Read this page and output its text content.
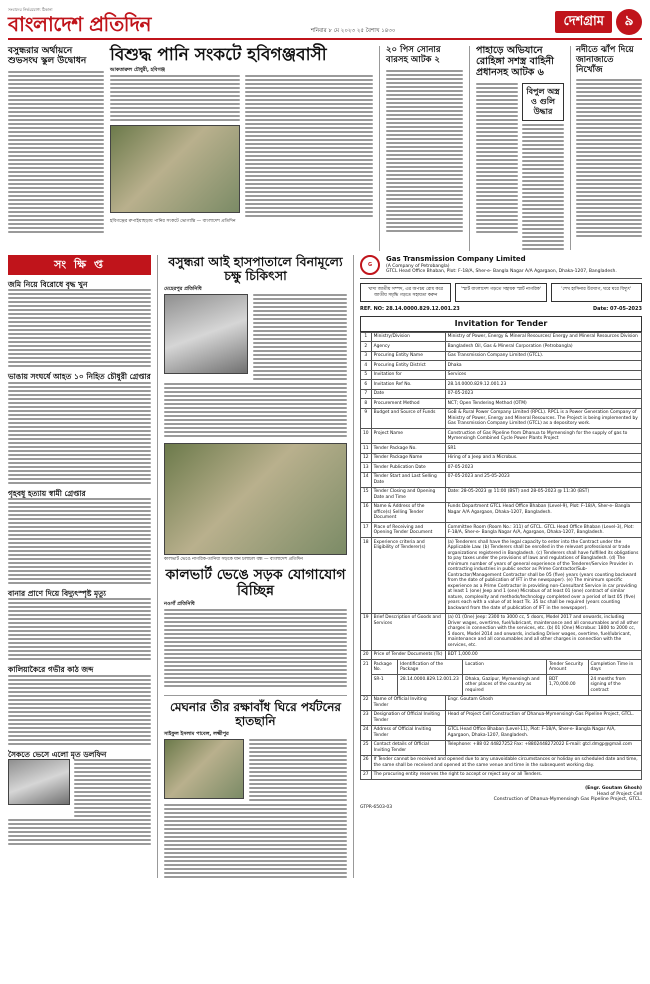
সংবাদের নির্ভরযোগ্য ঠিকানা
বাংলাদেশ প্রতিদিন	শনিবার ৮ মে ২০২৩ ২৫ বৈশাখ ১৪৩০
দেশগ্রাম	৯
বসুন্ধরার অর্থায়নে শুভসংঘ স্কুল উদ্বোধন	বিশুদ্ধ পানি সংকটে হবিগঞ্জবাসী
আকতারুল চৌধুরী, হবিগঞ্জ
হবিগঞ্জের রুপাইয়াছড়ায় পানির সংকটে ভোগান্তি — বাংলাদেশ প্রতিদিন
২০ পিস সোনার বারসহ আটক ২
পাহাড়ে অভিযানে রোহিঙ্গা সশস্ত্র বাহিনী প্রধানসহ আটক ৬
বিপুল অস্ত্র ও গুলি উদ্ধার
নদীতে ঝাঁপ দিয়ে জানাজাতে নিখোঁজ
সং ক্ষি প্ত
জমি নিয়ে বিরোধে বৃদ্ধ খুন
ভাঙায় সংঘর্ষে আহত ১০ নিহিত চৌধুরী গ্রেপ্তার
গৃহবধূ হত্যায় স্বামী গ্রেপ্তার
বানার প্রাণে দিয়ে বিদ্যুৎস্পৃষ্ট মৃত্যু
কালিয়াকৈরে গভীর কাঠ জব্দ
সৈকতে ভেসে এলো মৃত ডলফিন
বসুন্ধরা আই হাসপাতালে বিনামূল্যে চক্ষু চিকিৎসা
মেহেরপুর প্রতিনিধি
কালভার্ট ভেঙে নাগরিক-তানিয়া সড়কে যান চলাচল বন্ধ — বাংলাদেশ প্রতিদিন
কালভার্ট ভেঙে সড়ক যোগাযোগ বিচ্ছিন্ন
নওগাঁ প্রতিনিধি
মেঘনার তীর রক্ষাবাঁধ ঘিরে পর্যটনের হাতছানি
সাইফুল ইসলাম পাবেল, লক্ষ্মীপুর
G
Gas Transmission Company Limited
(A Company of Petrobangla)
GTCL Head Office Bhaban, Plot: F-18/A, Sher-e- Bangla Nagar A/A Agargaon, Dhaka-1207, Bangladesh.
খাদ্য জাতীয় সম্পদ, এর অপচয় রোধ করে জাতীয় সমৃদ্ধি গড়তে সহায়তা করুন
'স্মার্ট বাংলাদেশ গড়তে সহায়ক স্মার্ট নাগরিক'	'শেখ হাসিনার উদ্যোগ, ঘরে ঘরে বিদ্যুৎ'
REF. NO: 28.14.0000.829.12.001.23	Date: 07-05-2023
Invitation for Tender
1	Ministry/Division	Ministry of Power, Energy & Mineral Resources/ Energy and Mineral Resources Division
2	Agency	Bangladesh Oil, Gas & Mineral Corporation (Petrobangla)
3	Procuring Entity Name	Gas Transmission Company Limited (GTCL).
4	Procuring Entity District	Dhaka
5	Invitation for	Services
6	Invitation Ref No.	28.14.0000.829.12.001.23
7	Date	07-05-2023
8	Procurement Method	NCT; Open Tendering Method (OTM)
9	Budget and Source of Funds	GoB & Rural Power Company Limited (RPCL). RPCL is a Power Generation Company of Ministry of Power, Energy and Mineral Resources. The Project is being implemented by Gas Transmission Company Limited (GTCL) as a depository work.
10	Project Name	Construction of Gas Pipeline from Dhanua to Mymensingh for the supply of gas to Mymensingh Combined Cycle Power Plants Project
11	Tender Package No.	SR1
12	Tender Package Name	Hiring of a Jeep and a Microbus.
13	Tender Publication Date	07-05-2023
14	Tender Start and Last Selling Date	07-05-2023 and 25-05-2023
15	Tender Closing and Opening Date and Time	Date: 28-05-2023 @ 11:00 (BST) and 28-05-2023 @ 11:30 (BST)
16	Name & Address of the office(s) Selling Tender Document	Funds Department GTCL Head Office Bhaban (Level-9), Plot: F-18/A, Sher-e- Bangla Nagar A/A Agargaon, Dhaka-1207, Bangladesh.
17	Place of Receiving and Opening Tender Document	Committee Room (Room No.: 311) of GTCL. GTCL Head Office Bhaban (Level-3), Plot: F-18/A, Sher-e- Bangla Nagar A/A, Agargaon, Dhaka-1207, Bangladesh.
18	Experience criteria and Eligibility of Tenderer(s)	(a) Tenderers shall have the legal capacity to enter into the Contract under the Applicable Law. (b) Tenderers shall be enrolled in the relevant professional or trade organizations registered in Bangladesh. (c) Tenderers shall have fulfilled its obligations to pay taxes under the provisions of laws and regulations of Bangladesh. (d) The minimum number of years of general experience of the Tenderer/Service Provider in contracting industries in public sector as Prime Contractor/Sub-Contractor/Management Contractor shall be 05 (five) years (years counting backward from the date of publication of IFT in the newspaper). (e) The minimum specific experience as a Prime Contractor in providing non-Consultant Service in car providing at least 1 (one) Jeep and 1 (one) Microbus of at least 01 (one) contract of similar nature, complexity and methods/technology completed over a period of last 05 (five) years each with a value of at least Tk. 35 lac shall be required (years counting backward from the date of publication of IFT in the newspaper).
19	Brief Description of Goods and Services	(a) 01 (One) Jeep: 2300 to 3000 cc, 5 doors, Model 2017 and onwards, including Driver wages, overtime, fuel/lubricant, maintenance and all consumables and all other charges in connection with the services, etc. (b) 01 (One) Microbus: 1800 to 2000 cc, 5 doors, Model 2014 and onwards, including Driver wages, overtime, fuel/lubricant, maintenance and all consumables and all other charges in connection with the services, etc.
20	Price of Tender Documents (Tk)	BDT 1,000.00
21	Package No.	Identification of the Package	Location	Tender Security Amount	Completion Time in days
	SR-1	28.14.0000.829.12.001.23	Dhaka, Gazipur, Mymensingh and other places of the country as required	BDT 1,70,000.00	24 months from signing of the contract
22	Name of Official Inviting Tender	Engr. Goutam Ghosh
23	Designation of Official Inviting Tender	Head of Project Cell Construction of Dhanua-Mymensingh Gas Pipeline Project, GTCL.
24	Address of Official Inviting Tender	GTCL Head Office Bhaban (Level-11), Plot: F-18/A, Sher-e- Bangla Nagar A/A, Agargaon, Dhaka-1207, Bangladesh.
25	Contact details of Official Inviting Tender	Telephone: +88 02 44827252 Fax: +8802448272022 E-mail: gtcl.dmgp@gmail.com
26	If Tender cannot be received and opened due to any unavoidable circumstances or holiday on scheduled date and time, the same shall be received and opened at the same venue and time in the subsequent working day.	
27	The procuring entity reserves the right to accept or reject any or all Tenders.	
(Engr. Goutam Ghosh)
Head of Project Cell
Construction of Dhanua-Mymensingh Gas Pipeline Project, GTCL.
GTPR-6503-03
